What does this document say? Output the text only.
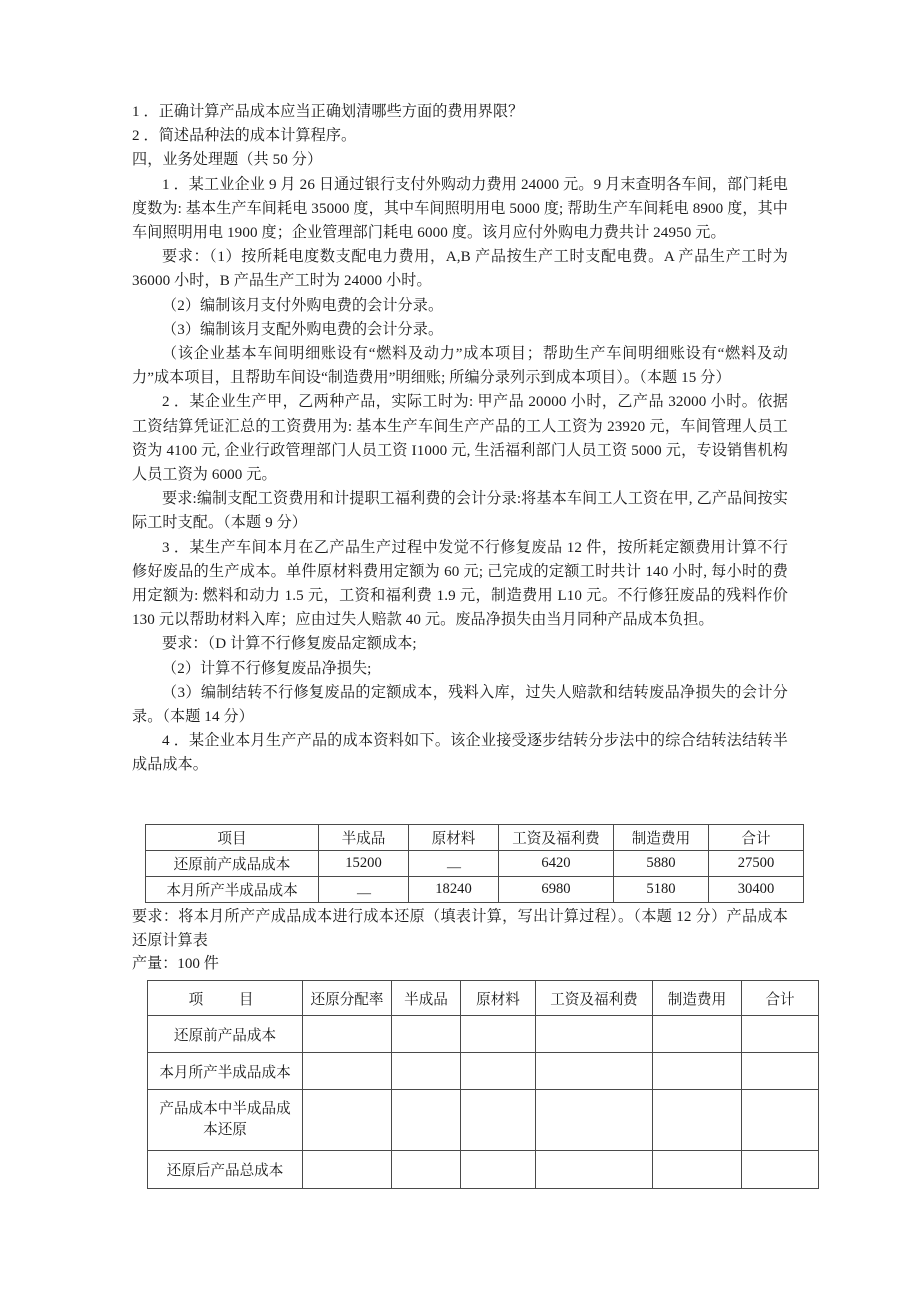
1 ．正确计算产品成本应当正确划清哪些方面的费用界限？

2 ．简述品种法的成本计算程序。

四，业务处理题（共 50 分）

1 ．某工业企业 9 月 26 日通过银行支付外购动力费用 24000 元。9 月末查明各车间，部门耗电度数为: 基本生产车间耗电 35000 度，其中车间照明用电 5000 度; 帮助生产车间耗电 8900 度，其中车间照明用电 1900 度；企业管理部门耗电 6000 度。该月应付外购电力费共计 24950 元。

要求：（1）按所耗电度数支配电力费用，A,B 产品按生产工时支配电费。A 产品生产工时为 36000 小时，B 产品生产工时为 24000 小时。

（2）编制该月支付外购电费的会计分录。

（3）编制该月支配外购电费的会计分录。

（该企业基本车间明细账设有“燃料及动力”成本项目；帮助生产车间明细账设有“燃料及动力”成本项目，且帮助车间设“制造费用”明细账; 所编分录列示到成本项目）。（本题 15 分）

2 ．某企业生产甲，乙两种产品，实际工时为: 甲产品 20000 小时，乙产品 32000 小时。依据工资结算凭证汇总的工资费用为: 基本生产车间生产产品的工人工资为 23920 元，车间管理人员工资为 4100 元, 企业行政管理部门人员工资 I1000 元, 生活福利部门人员工资 5000 元，专设销售机构人员工资为 6000 元。

要求:编制支配工资费用和计提职工福利费的会计分录:将基本车间工人工资在甲, 乙产品间按实际工时支配。（本题 9 分）

3 ．某生产车间本月在乙产品生产过程中发觉不行修复废品 12 件，按所耗定额费用计算不行修好废品的生产成本。单件原材料费用定额为 60 元; 己完成的定额工时共计 140 小时, 每小时的费用定额为: 燃料和动力 1.5 元，工资和福利费 1.9 元，制造费用 L10 元。不行修狂废品的残料作价 130 元以帮助材料入库；应由过失人赔款 40 元。废品净损失由当月同种产品成本负担。

要求：（D 计算不行修复废品定额成本;

（2）计算不行修复废品净损失;

（3）编制结转不行修复废品的定额成本，残料入库，过失人赔款和结转废品净损失的会计分录。（本题 14 分）

4 ．某企业本月生产产品的成本资料如下。该企业接受逐步结转分步法中的综合结转法结转半成品成本。

项目	半成品	原材料	工资及福利费	制造费用	合计
还原前产成品成本	15200	—	6420	5880	27500
本月所产半成品成本	—	18240	6980	5180	30400

要求：将本月所产产成品成本进行成本还原（填表计算，写出计算过程）。（本题 12 分）产品成本还原计算表

产量：100 件
项 目	还原分配率	半成品	原材料	工资及福利费	制造费用	合计
还原前产品成本						
本月所产半成品成本						
产品成本中半成品成
本还原						
还原后产品总成本						
